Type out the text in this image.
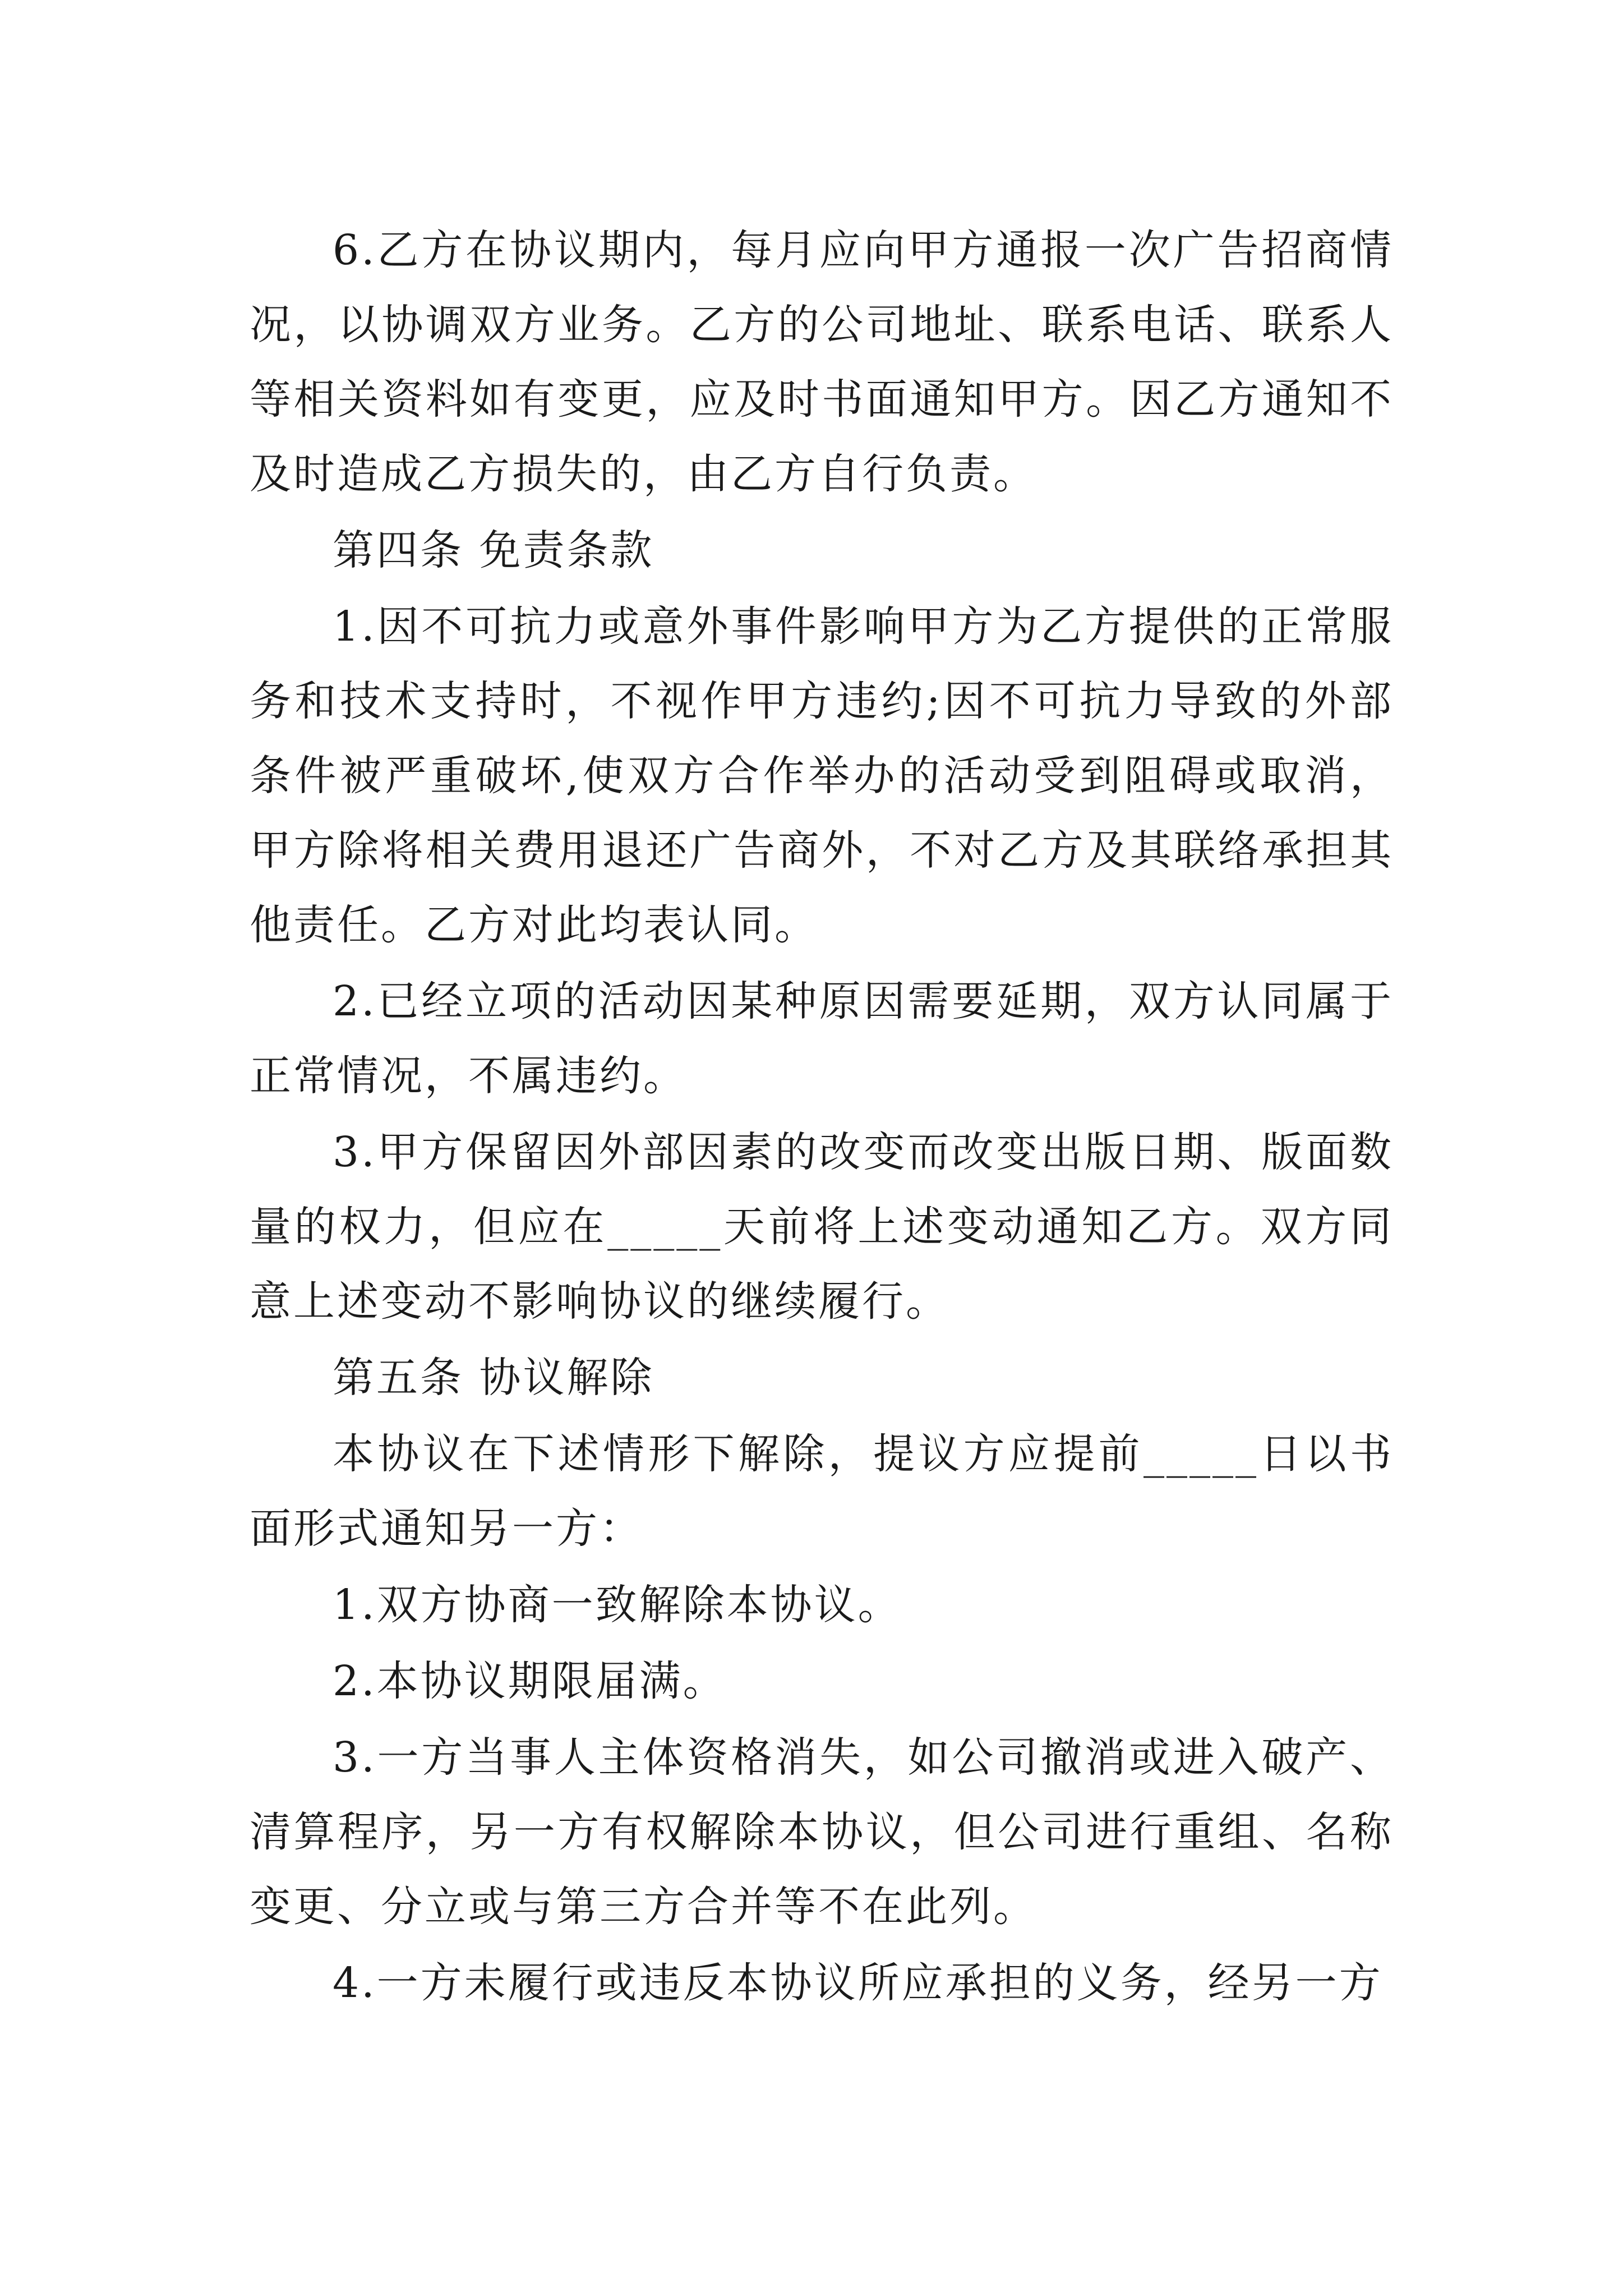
6.乙方在协议期内，每月应向甲方通报一次广告招商情况，以协调双方业务。乙方的公司地址、联系电话、联系人等相关资料如有变更，应及时书面通知甲方。因乙方通知不及时造成乙方损失的，由乙方自行负责。

第四条 免责条款

1.因不可抗力或意外事件影响甲方为乙方提供的正常服务和技术支持时，不视作甲方违约;因不可抗力导致的外部条件被严重破坏,使双方合作举办的活动受到阻碍或取消，甲方除将相关费用退还广告商外，不对乙方及其联络承担其他责任。乙方对此均表认同。

2.已经立项的活动因某种原因需要延期，双方认同属于正常情况，不属违约。

3.甲方保留因外部因素的改变而改变出版日期、版面数量的权力，但应在_____天前将上述变动通知乙方。双方同意上述变动不影响协议的继续履行。

第五条 协议解除

本协议在下述情形下解除，提议方应提前_____日以书面形式通知另一方：

1.双方协商一致解除本协议。

2.本协议期限届满。

3.一方当事人主体资格消失，如公司撤消或进入破产、清算程序，另一方有权解除本协议，但公司进行重组、名称变更、分立或与第三方合并等不在此列。

4.一方未履行或违反本协议所应承担的义务，经另一方
